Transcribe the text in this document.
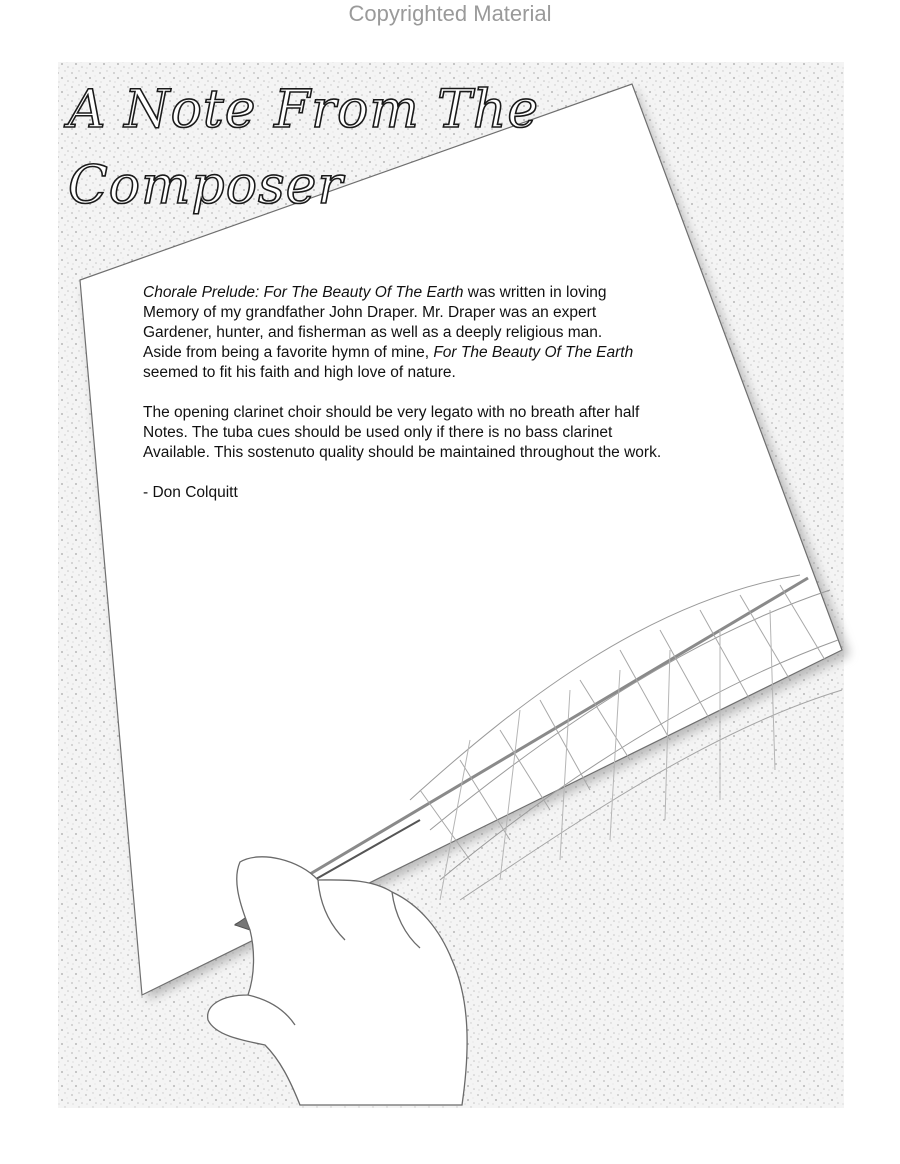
Copyrighted Material
A Note From The
Composer

Chorale Prelude: For The Beauty Of The Earth was written in loving
Memory of my grandfather John Draper. Mr. Draper was an expert
Gardener, hunter, and fisherman as well as a deeply religious man.
Aside from being a favorite hymn of mine, For The Beauty Of The Earth
seemed to fit his faith and high love of nature.

The opening clarinet choir should be very legato with no breath after half
Notes. The tuba cues should be used only if there is no bass clarinet
Available. This sostenuto quality should be maintained throughout the work.

- Don Colquitt
